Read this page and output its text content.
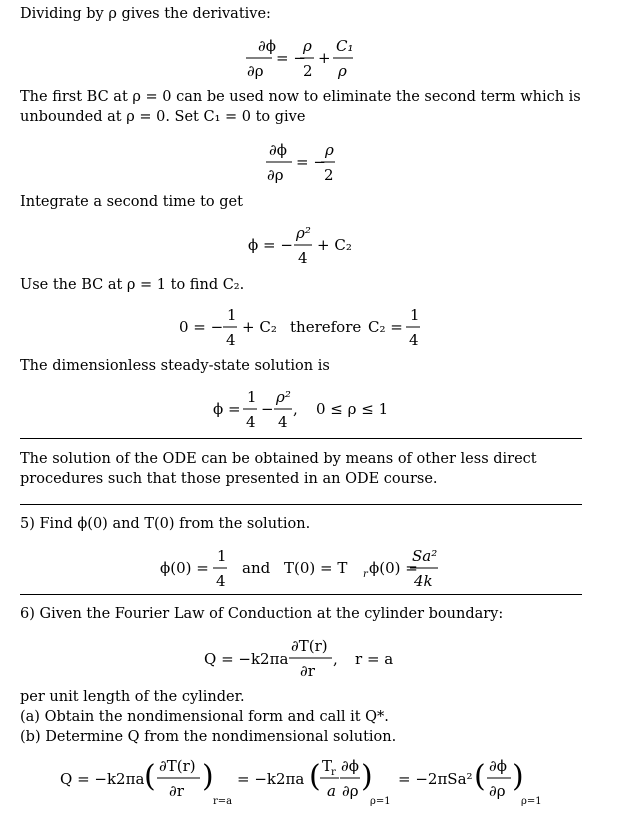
Dividing by ρ gives the derivative:

∂ϕ
∂ρ
= −
ρ
2
+
C₁
ρ

The first BC at ρ = 0 can be used now to eliminate the second term which is unbounded at ρ = 0. Set C₁ = 0 to give

∂ϕ
∂ρ
= −
ρ
2

Integrate a second time to get

ϕ = −
ρ²
4
+ C₂

Use the BC at ρ = 1 to find C₂.

0 = −
1
4
+ C₂ therefore C₂ =
1
4

The dimensionless steady-state solution is

ϕ =
1
4
−
ρ²
4
, 0 ≤ ρ ≤ 1

The solution of the ODE can be obtained by means of other less direct procedures such that those presented in an ODE course.

5) Find ϕ(0) and T(0) from the solution.

ϕ(0) =
1
4
and T(0) = T r ϕ(0) =
Sa²
4k

6) Given the Fourier Law of Conduction at the cylinder boundary:

Q = −k2πa
∂T(r)
∂r
, r = a

per unit length of the cylinder.

(a) Obtain the nondimensional form and call it Q*.

(b) Determine Q from the nondimensional solution.

Q = −k2πa ( ∂T(r)
∂r )
r=a
= −k2πa ( T
r
a
∂ϕ
∂ρ )
ρ=1
= −2πSa² ( ∂ϕ
∂ρ )
ρ=1
